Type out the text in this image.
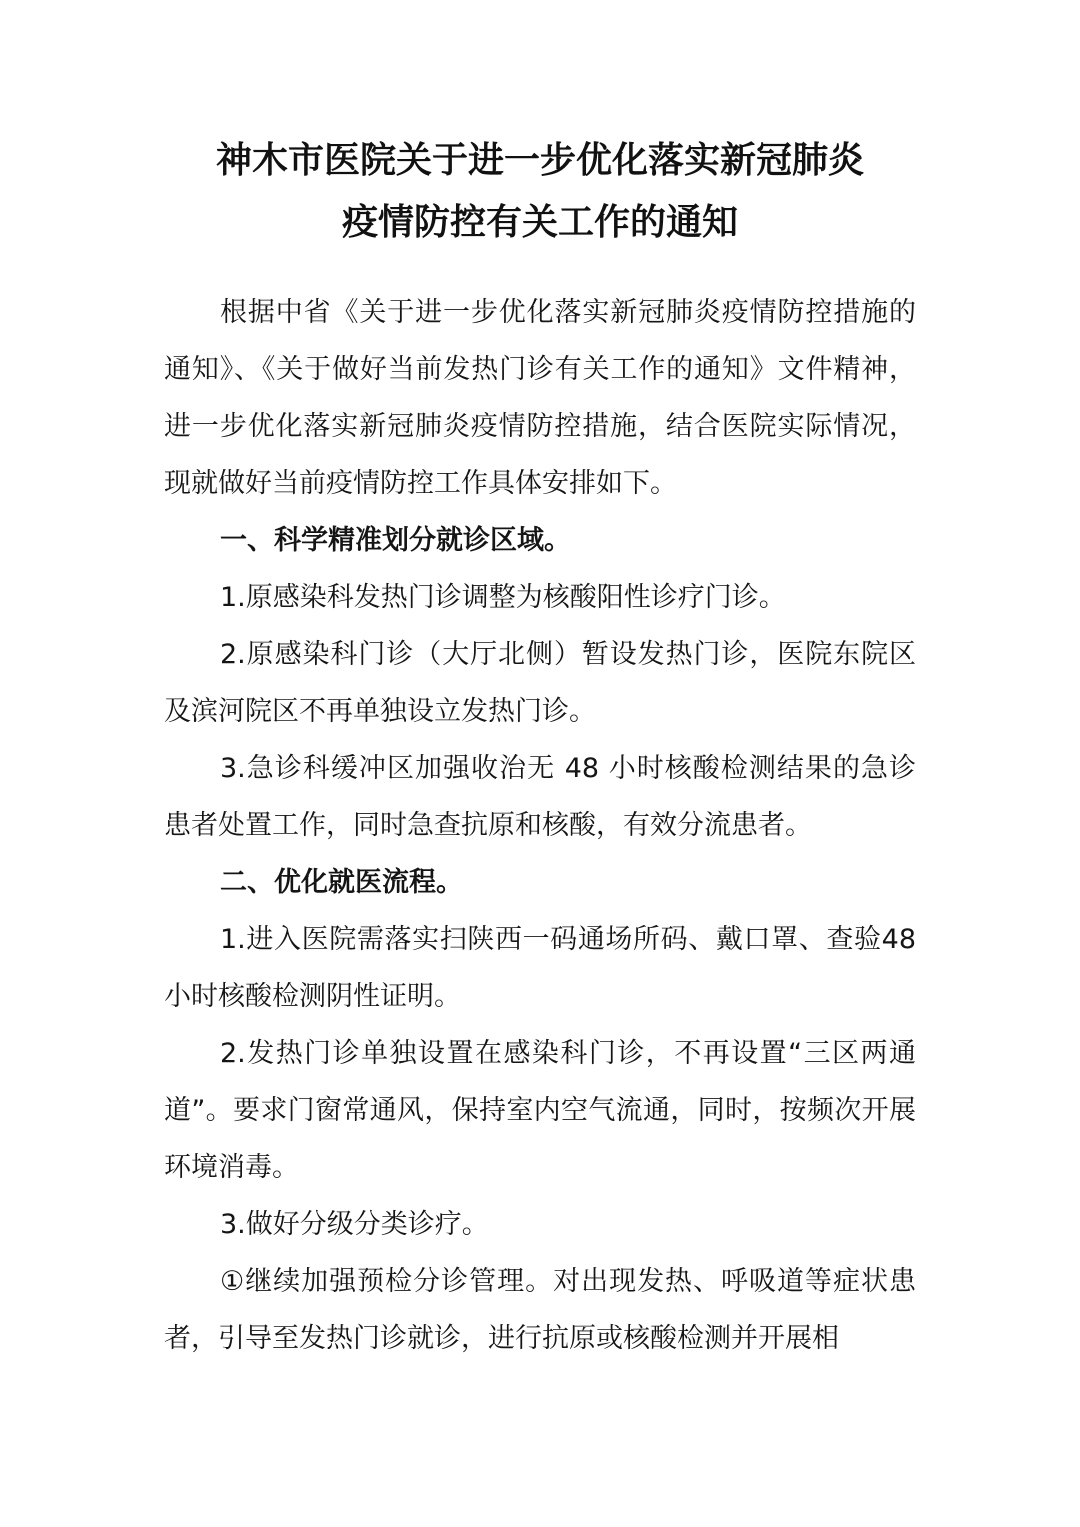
神木市医院关于进一步优化落实新冠肺炎
疫情防控有关工作的通知

根据中省《关于进一步优化落实新冠肺炎疫情防控措施的通知》、《关于做好当前发热门诊有关工作的通知》文件精神，进一步优化落实新冠肺炎疫情防控措施，结合医院实际情况，现就做好当前疫情防控工作具体安排如下。

一、科学精准划分就诊区域。

1.原感染科发热门诊调整为核酸阳性诊疗门诊。

2.原感染科门诊（大厅北侧）暂设发热门诊，医院东院区及滨河院区不再单独设立发热门诊。

3.急诊科缓冲区加强收治无 48 小时核酸检测结果的急诊患者处置工作，同时急查抗原和核酸，有效分流患者。

二、优化就医流程。

1.进入医院需落实扫陕西一码通场所码、戴口罩、查验48 小时核酸检测阴性证明。

2.发热门诊单独设置在感染科门诊，不再设置“三区两通道”。要求门窗常通风，保持室内空气流通，同时，按频次开展环境消毒。

3.做好分级分类诊疗。

①继续加强预检分诊管理。对出现发热、呼吸道等症状患者，引导至发热门诊就诊，进行抗原或核酸检测并开展相
